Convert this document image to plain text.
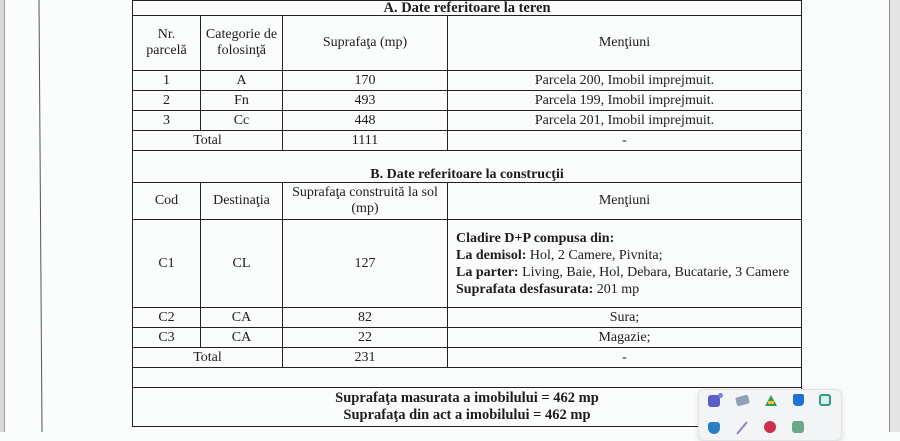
A. Date referitoare la teren			
Nr. parcelă	Categorie de folosinţă	Suprafaţa (mp)	Menţiuni
1	A	170	Parcela 200, Imobil imprejmuit.
2	Fn	493	Parcela 199, Imobil imprejmuit.
3	Cc	448	Parcela 201, Imobil imprejmuit.
Total		1111	-

B. Date referitoare la construcţii			
Cod	Destinaţia	Suprafaţa construită la sol (mp)	Menţiuni
C1	CL	127	Cladire D+P compusa din:
La demisol: Hol, 2 Camere, Pivnita;
La parter: Living, Baie, Hol, Debara, Bucatarie, 3 Camere
Suprafata desfasurata: 201 mp
C2	CA	82	Sura;
C3	CA	22	Magazie;
Total		231	-

Suprafaţa masurata a imobilului = 462 mp
Suprafaţa din act a imobilului = 462 mp			
